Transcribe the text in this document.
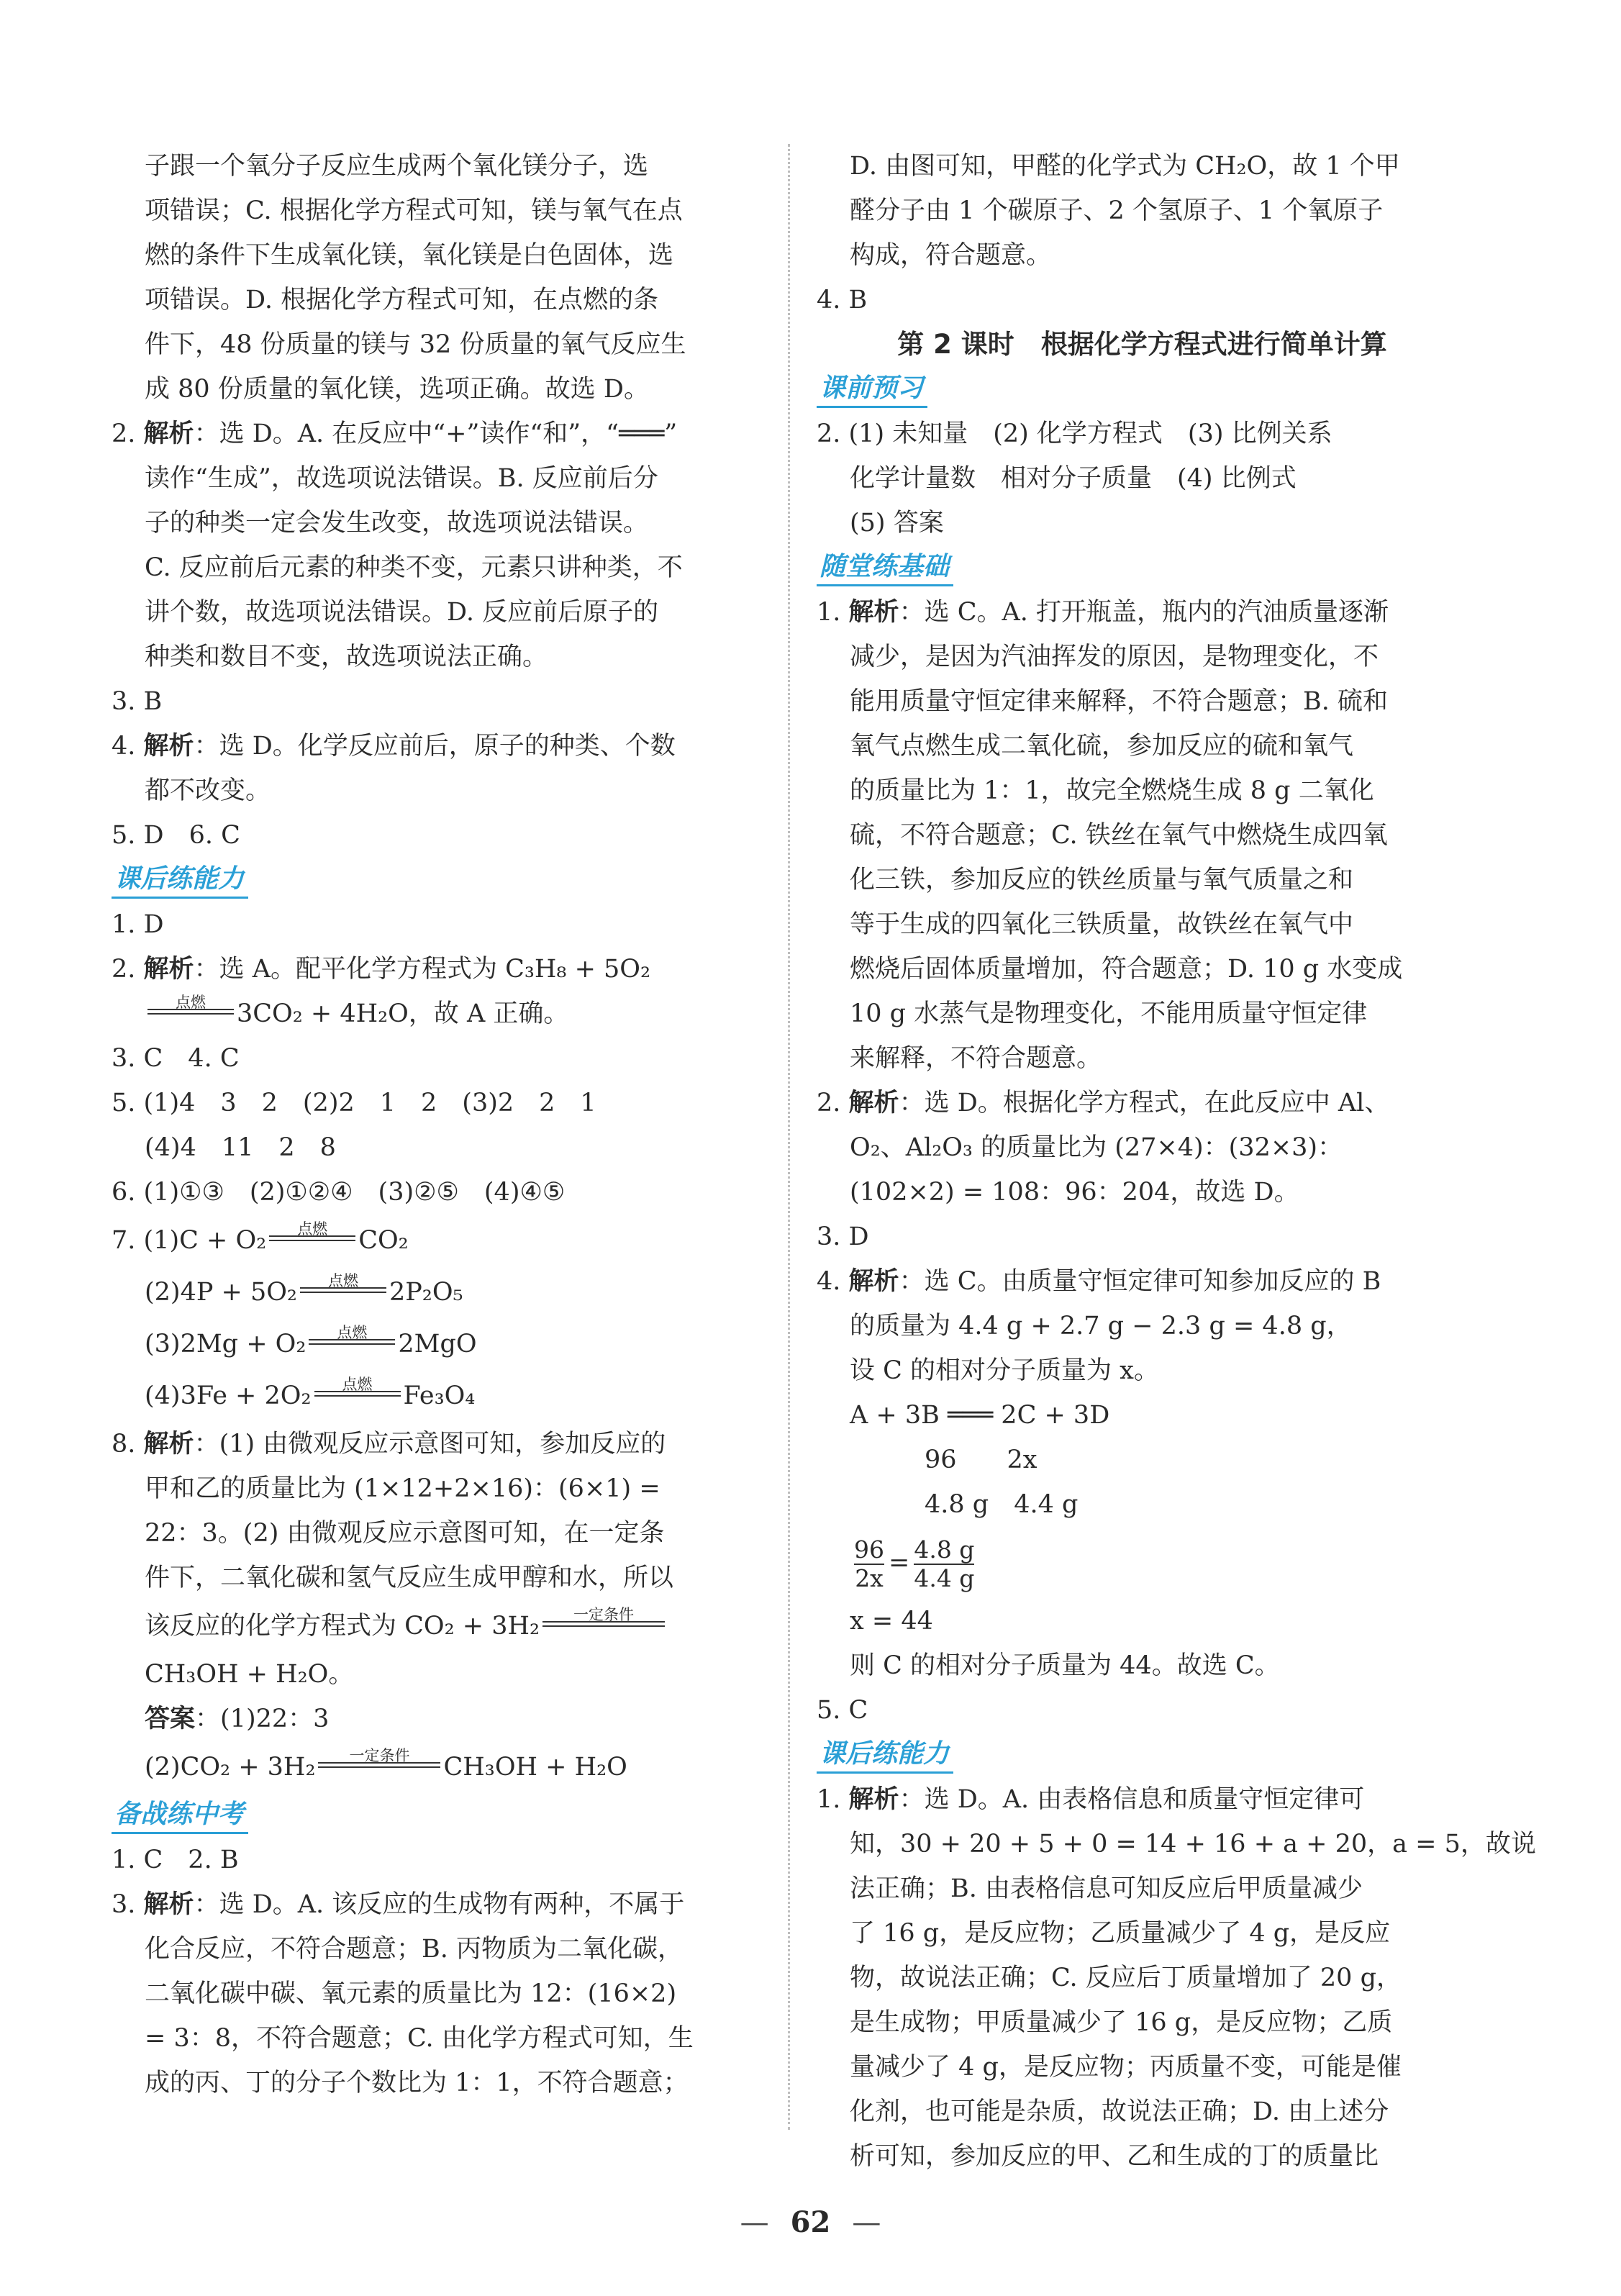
子跟一个氧分子反应生成两个氧化镁分子，选
项错误；C. 根据化学方程式可知，镁与氧气在点
燃的条件下生成氧化镁，氧化镁是白色固体，选
项错误。D. 根据化学方程式可知，在点燃的条
件下，48 份质量的镁与 32 份质量的氧气反应生
成 80 份质量的氧化镁，选项正确。故选 D。
2. 解析：选 D。A. 在反应中“+”读作“和”，“═══”
读作“生成”，故选项说法错误。B. 反应前后分
子的种类一定会发生改变，故选项说法错误。
C. 反应前后元素的种类不变，元素只讲种类，不
讲个数，故选项说法错误。D. 反应前后原子的
种类和数目不变，故选项说法正确。
3. B
4. 解析：选 D。化学反应前后，原子的种类、个数
都不改变。
5. D　6. C
课后练能力
1. D
2. 解析：选 A。配平化学方程式为 C₃H₈ + 5O₂
点燃	3CO₂ + 4H₂O，故 A 正确。
3. C　4. C
5. (1)4　3　2　(2)2　1　2　(3)2　2　1
(4)4　11　2　8
6. (1)①③　(2)①②④　(3)②⑤　(4)④⑤
7. (1)C + O₂	点燃	CO₂
(2)4P + 5O₂	点燃	2P₂O₅
(3)2Mg + O₂	点燃	2MgO
(4)3Fe + 2O₂	点燃	Fe₃O₄
8. 解析：(1) 由微观反应示意图可知，参加反应的
甲和乙的质量比为 (1×12+2×16)：(6×1) =
22：3。(2) 由微观反应示意图可知，在一定条
件下，二氧化碳和氢气反应生成甲醇和水，所以
该反应的化学方程式为 CO₂ + 3H₂	一定条件
CH₃OH + H₂O。
答案：(1)22：3
(2)CO₂ + 3H₂	一定条件	CH₃OH + H₂O
备战练中考
1. C　2. B
3. 解析：选 D。A. 该反应的生成物有两种，不属于
化合反应，不符合题意；B. 丙物质为二氧化碳，
二氧化碳中碳、氧元素的质量比为 12：(16×2)
= 3：8，不符合题意；C. 由化学方程式可知，生
成的丙、丁的分子个数比为 1：1，不符合题意；
D. 由图可知，甲醛的化学式为 CH₂O，故 1 个甲
醛分子由 1 个碳原子、2 个氢原子、1 个氧原子
构成，符合题意。
4. B
第 2 课时　根据化学方程式进行简单计算
课前预习
2. (1) 未知量　(2) 化学方程式　(3) 比例关系
化学计量数　相对分子质量　(4) 比例式
(5) 答案
随堂练基础
1. 解析：选 C。A. 打开瓶盖，瓶内的汽油质量逐渐
减少，是因为汽油挥发的原因，是物理变化，不
能用质量守恒定律来解释，不符合题意；B. 硫和
氧气点燃生成二氧化硫，参加反应的硫和氧气
的质量比为 1：1，故完全燃烧生成 8 g 二氧化
硫，不符合题意；C. 铁丝在氧气中燃烧生成四氧
化三铁，参加反应的铁丝质量与氧气质量之和
等于生成的四氧化三铁质量，故铁丝在氧气中
燃烧后固体质量增加，符合题意；D. 10 g 水变成
10 g 水蒸气是物理变化，不能用质量守恒定律
来解释，不符合题意。
2. 解析：选 D。根据化学方程式，在此反应中 Al、
O₂、Al₂O₃ 的质量比为 (27×4)：(32×3)：
(102×2) = 108：96：204，故选 D。
3. D
4. 解析：选 C。由质量守恒定律可知参加反应的 B
的质量为 4.4 g + 2.7 g − 2.3 g = 4.8 g，
设 C 的相对分子质量为 x。
A + 3B ═══ 2C + 3D
96　　2x
4.8 g　4.4 g
$\frac{96}{2x} = \frac{4.8 g}{4.4 g}$
x = 44
则 C 的相对分子质量为 44。故选 C。
5. C
课后练能力
1. 解析：选 D。A. 由表格信息和质量守恒定律可
知，30 + 20 + 5 + 0 = 14 + 16 + a + 20，a = 5，故说
法正确；B. 由表格信息可知反应后甲质量减少
了 16 g，是反应物；乙质量减少了 4 g，是反应
物，故说法正确；C. 反应后丁质量增加了 20 g，
是生成物；甲质量减少了 16 g，是反应物；乙质
量减少了 4 g，是反应物；丙质量不变，可能是催
化剂，也可能是杂质，故说法正确；D. 由上述分
析可知，参加反应的甲、乙和生成的丁的质量比
— 62 —
